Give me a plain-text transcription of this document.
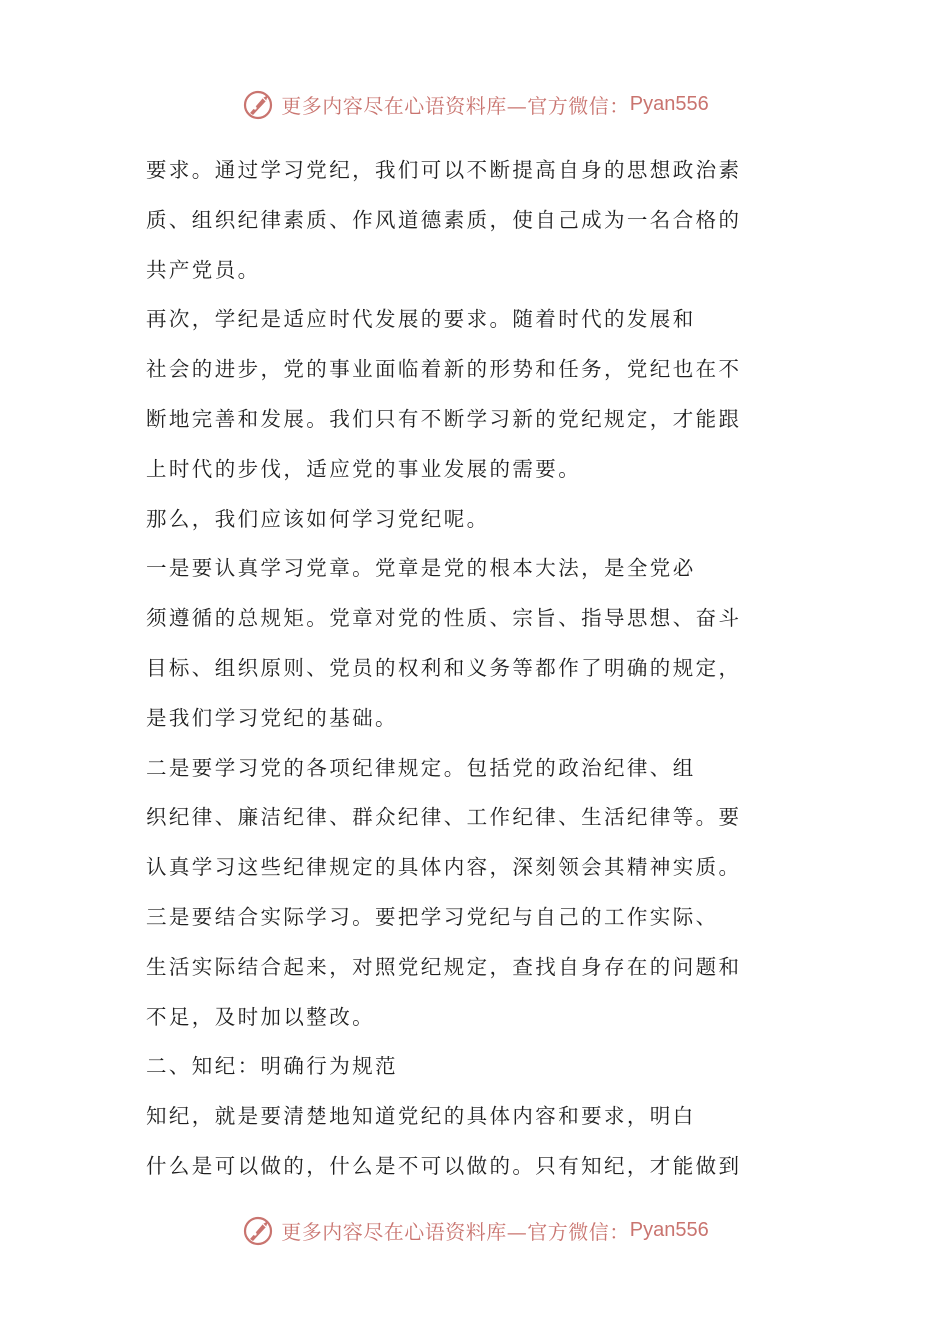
更多内容尽在心语资料库—官方微信： Pyan556
要求。通过学习党纪，我们可以不断提高自身的思想政治素
质、组织纪律素质、作风道德素质，使自己成为一名合格的
共产党员。
再次，学纪是适应时代发展的要求。随着时代的发展和
社会的进步，党的事业面临着新的形势和任务，党纪也在不
断地完善和发展。我们只有不断学习新的党纪规定，才能跟
上时代的步伐，适应党的事业发展的需要。
那么，我们应该如何学习党纪呢。
一是要认真学习党章。党章是党的根本大法，是全党必
须遵循的总规矩。党章对党的性质、宗旨、指导思想、奋斗
目标、组织原则、党员的权利和义务等都作了明确的规定，
是我们学习党纪的基础。
二是要学习党的各项纪律规定。包括党的政治纪律、组
织纪律、廉洁纪律、群众纪律、工作纪律、生活纪律等。要
认真学习这些纪律规定的具体内容，深刻领会其精神实质。
三是要结合实际学习。要把学习党纪与自己的工作实际、
生活实际结合起来，对照党纪规定，查找自身存在的问题和
不足，及时加以整改。
二、知纪：明确行为规范
知纪，就是要清楚地知道党纪的具体内容和要求，明白
什么是可以做的，什么是不可以做的。只有知纪，才能做到
更多内容尽在心语资料库—官方微信： Pyan556
